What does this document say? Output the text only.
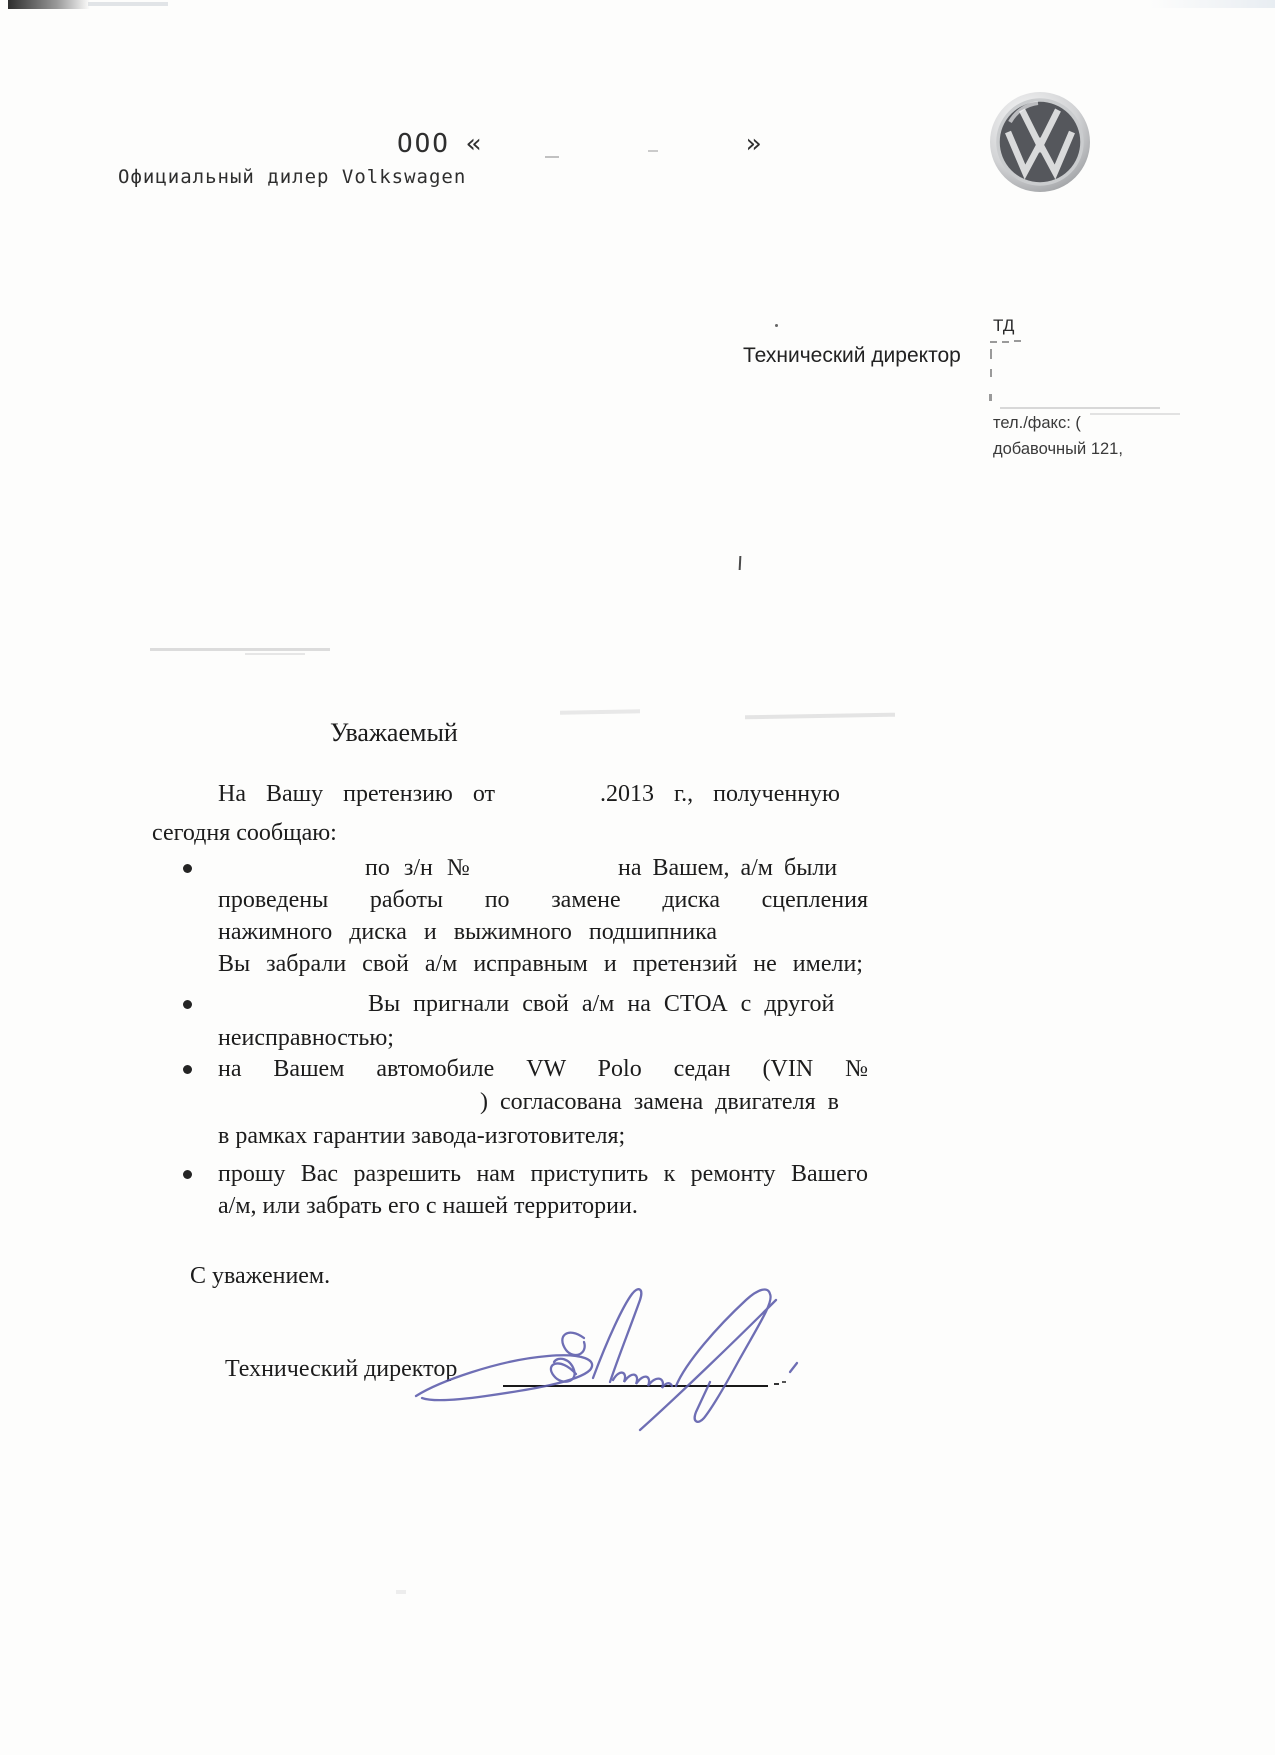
ООО «	»
Официальный дилер Volkswagen
ТД
тел./факс: (
добавочный 121,
Технический директор
Уважаемый
На Вашу претензию от	.2013 г., полученную
сегодня сообщаю:
по з/н №	на Вашем, а/м были
проведены работы по замене диска сцепления
нажимного диска и выжимного подшипника
Вы забрали свой а/м исправным и претензий не имели;
Вы пригнали свой а/м на СТОА с другой
неисправностью;
на Вашем автомобиле VW Polo седан (VIN №
) согласована замена двигателя в
в рамках гарантии завода-изготовителя;
прошу Вас разрешить нам приступить к ремонту Вашего
а/м, или забрать его с нашей территории.
С уважением.
Технический директор
